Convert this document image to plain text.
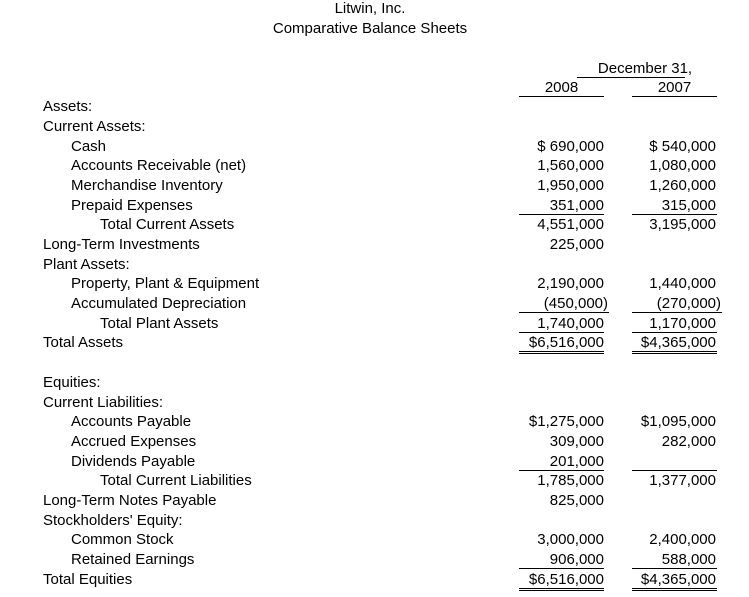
Litwin, Inc.
Comparative Balance Sheets
December 31,
2008	2007
Assets:
Current Assets:
Cash
Accounts Receivable (net)
Merchandise Inventory
Prepaid Expenses
Total Current Assets
Long-Term Investments
Plant Assets:
Property, Plant & Equipment
Accumulated Depreciation
Total Plant Assets
Total Assets
$ 690,000
1,560,000
1,950,000
351,000
4,551,000
225,000
2,190,000
(450,000)
1,740,000
$6,516,000
$ 540,000
1,080,000
1,260,000
315,000
3,195,000
1,440,000
(270,000)
1,170,000
$4,365,000
Equities:
Current Liabilities:
Accounts Payable
Accrued Expenses
Dividends Payable
Total Current Liabilities
Long-Term Notes Payable
Stockholders' Equity:
Common Stock
Retained Earnings
Total Equities
$1,275,000
309,000
201,000
1,785,000
825,000
3,000,000
906,000
$6,516,000
$1,095,000
282,000
1,377,000
2,400,000
588,000
$4,365,000
